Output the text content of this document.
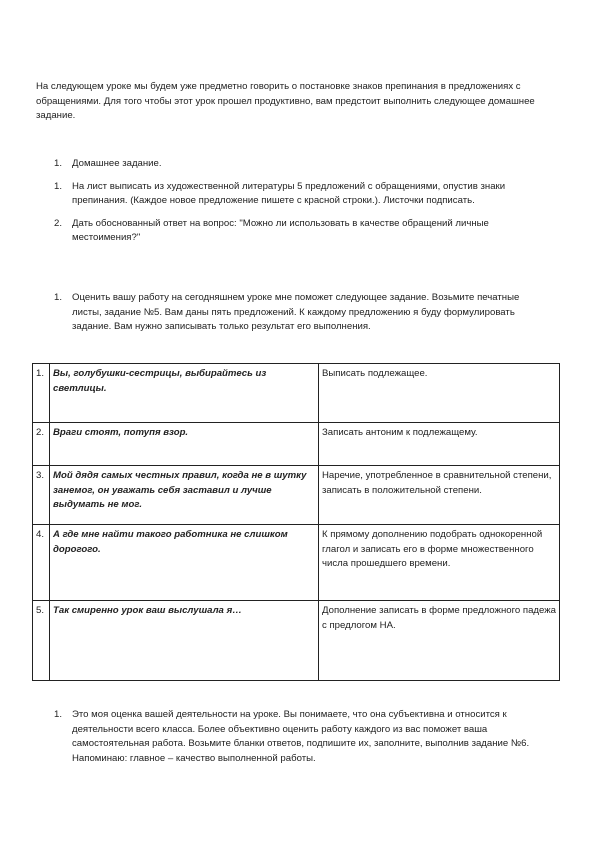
На следующем уроке мы будем уже предметно говорить о постановке знаков препинания в предложениях с обращениями. Для того чтобы этот урок прошел продуктивно, вам предстоит выполнить следующее домашнее задание.

1. Домашнее задание.
1. На лист выписать из художественной литературы 5 предложений с обращениями, опустив знаки препинания. (Каждое новое предложение пишете с красной строки.). Листочки подписать.
2. Дать обоснованный ответ на вопрос: "Можно ли использовать в качестве обращений личные местоимения?"
1. Оценить вашу работу на сегодняшнем уроке мне поможет следующее задание. Возьмите печатные листы, задание №5. Вам даны пять предложений. К каждому предложению я буду формулировать задание. Вам нужно записывать только результат его выполнения.
1.	Вы, голубушки-сестрицы, выбирайтесь из светлицы.	Выписать подлежащее.
2.	Враги стоят, потупя взор.	Записать антоним к подлежащему.
3.	Мой дядя самых честных правил, когда не в шутку занемог, он уважать себя заставил и лучше выдумать не мог.	Наречие, употребленное в сравнительной степени, записать в положительной степени.
4.	А где мне найти такого работника не слишком дорогого.	К прямому дополнению подобрать однокоренной глагол и записать его в форме множественного числа прошедшего времени.
5.	Так смиренно урок ваш выслушала я…	Дополнение записать в форме предложного падежа с предлогом НА.
1. Это моя оценка вашей деятельности на уроке. Вы понимаете, что она субъективна и относится к деятельности всего класса. Более объективно оценить работу каждого из вас поможет ваша самостоятельная работа. Возьмите бланки ответов, подпишите их, заполните, выполнив задание №6. Напоминаю: главное – качество выполненной работы.
